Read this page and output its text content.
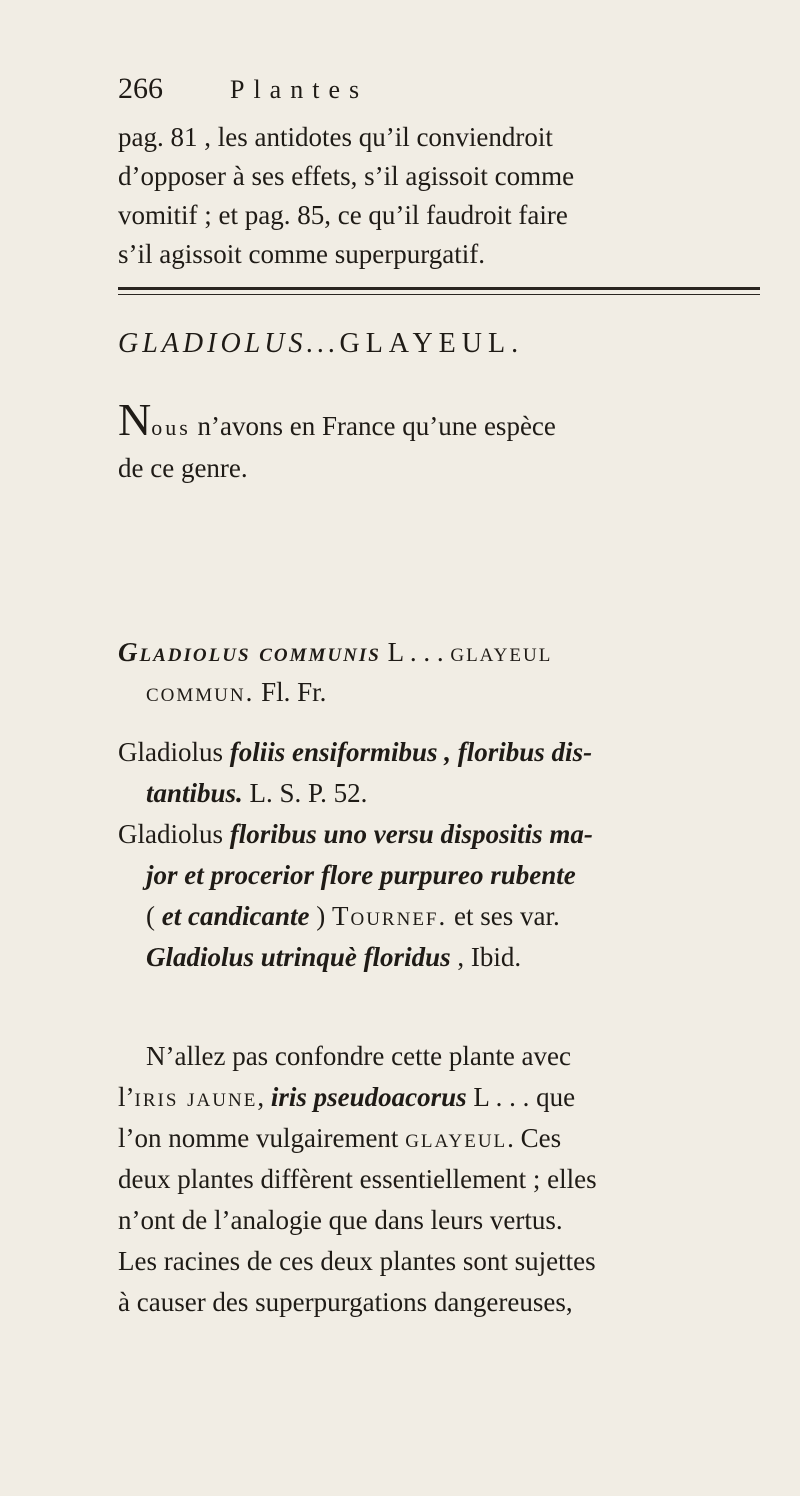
266	Plantes
pag. 81 , les antidotes qu’il conviendroit
d’opposer à ses effets, s’il agissoit comme
vomitif ; et pag. 85, ce qu’il faudroit faire
s’il agissoit comme superpurgatif.
GLADIOLUS...GLAYEUL.
Nous n’avons en France qu’une espèce
de ce genre.
Gladiolus communis L . . . glayeul
commun. Fl. Fr.
Gladiolus foliis ensiformibus , floribus dis-
tantibus. L. S. P. 52.
Gladiolus floribus uno versu dispositis ma-
jor et procerior flore purpureo rubente
( et candicante ) Tournef. et ses var.
Gladiolus utrinquè floridus , Ibid.
N’allez pas confondre cette plante avec
l’iris jaune, iris pseudoacorus L . . . que
l’on nomme vulgairement glayeul. Ces
deux plantes diffèrent essentiellement ; elles
n’ont de l’analogie que dans leurs vertus.
Les racines de ces deux plantes sont sujettes
à causer des superpurgations dangereuses,
